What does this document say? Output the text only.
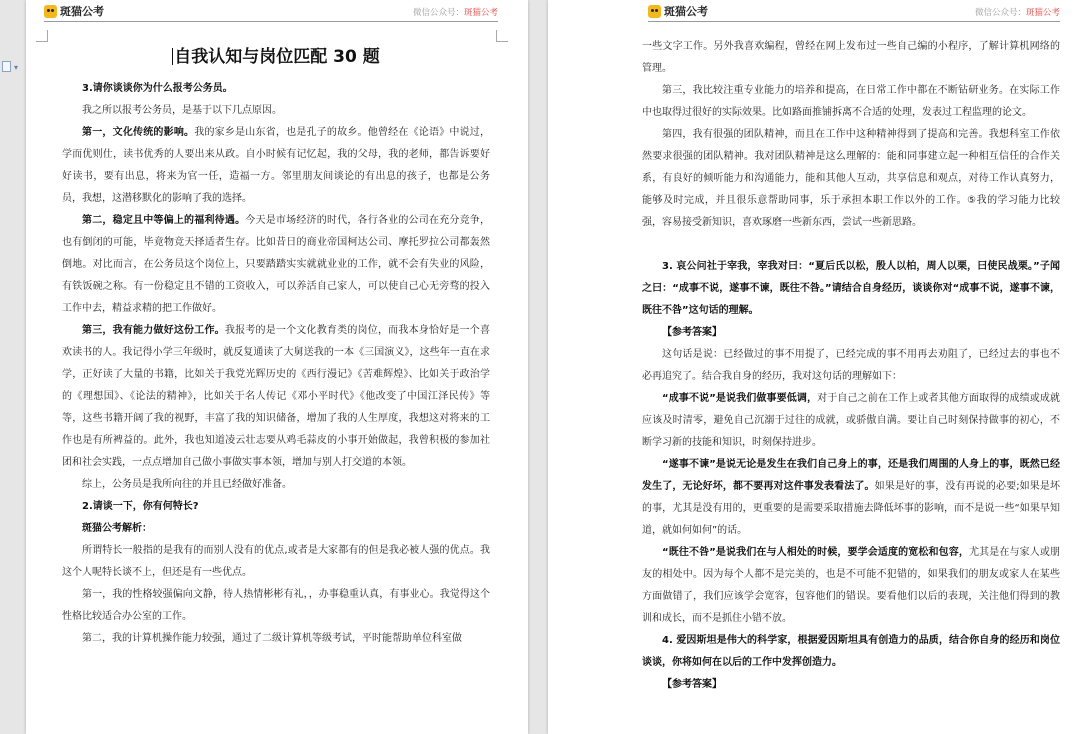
▾
斑猫公考	微信公众号：斑猫公考
自我认知与岗位匹配 30 题
3.请你谈谈你为什么报考公务员。
我之所以报考公务员，是基于以下几点原因。
第一，文化传统的影响。我的家乡是山东省，也是孔子的故乡。他曾经在《论语》中说过，学而优则仕，读书优秀的人要出来从政。自小时候有记忆起，我的父母，我的老师，都告诉要好好读书，要有出息，将来为官一任，造福一方。邻里朋友间谈论的有出息的孩子，也都是公务员，我想，这潜移默化的影响了我的选择。
第二，稳定且中等偏上的福利待遇。今天是市场经济的时代，各行各业的公司在充分竞争，也有倒闭的可能，毕竟物竞天择适者生存。比如昔日的商业帝国柯达公司、摩托罗拉公司都轰然倒地。对比而言，在公务员这个岗位上，只要踏踏实实就就业业的工作，就不会有失业的风险，有铁饭碗之称。有一份稳定且不错的工资收入，可以养活自己家人，可以使自己心无旁骛的投入工作中去，精益求精的把工作做好。
第三，我有能力做好这份工作。我报考的是一个文化教育类的岗位，而我本身恰好是一个喜欢读书的人。我记得小学三年级时，就反复通读了大舅送我的一本《三国演义》，这些年一直在求学，正好读了大量的书籍，比如关于我党光辉历史的《西行漫记》《苦难辉煌》、比如关于政治学的《理想国》、《论法的精神》，比如关于名人传记《邓小平时代》《他改变了中国江泽民传》等等，这些书籍开阔了我的视野，丰富了我的知识储备，增加了我的人生厚度，我想这对将来的工作也是有所裨益的。此外，我也知道凌云壮志要从鸡毛蒜皮的小事开始做起，我曾积极的参加社团和社会实践，一点点增加自己做小事做实事本领，增加与别人打交道的本领。
综上，公务员是我所向往的并且已经做好准备。
2.请谈一下，你有何特长?
斑猫公考解析：
所谓特长一般指的是我有的而别人没有的优点,或者是大家都有的但是我必被人强的优点。我这个人呢特长谈不上，但还是有一些优点。
第一，我的性格较强偏向文静，待人热情彬彬有礼，，办事稳重认真，有事业心。我觉得这个性格比较适合办公室的工作。
第二，我的计算机操作能力较强，通过了二级计算机等级考试，平时能帮助单位科室做
斑猫公考	微信公众号：斑猫公考
一些文字工作。另外我喜欢编程，曾经在网上发布过一些自己编的小程序，了解计算机网络的管理。
第三，我比较注重专业能力的培养和提高，在日常工作中都在不断钻研业务。在实际工作中也取得过很好的实际效果。比如路面推铺拆离不合适的处理，发表过工程监理的论文。
第四，我有很强的团队精神，而且在工作中这种精神得到了提高和完善。我想科室工作依然要求很强的团队精神。我对团队精神是这么理解的：能和同事建立起一种相互信任的合作关系，有良好的倾听能力和沟通能力，能和其他人互动，共享信息和观点，对待工作认真努力，能够及时完成，并且很乐意帮助同事，乐于承担本职工作以外的工作。⑤我的学习能力比较强，容易接受新知识，喜欢琢磨一些新东西，尝试一些新思路。
3. 哀公问社于宰我，宰我对曰：“夏后氏以松，殷人以柏，周人以栗，曰使民战栗。”子闻之曰：“成事不说，遂事不谏，既往不咎。”请结合自身经历，谈谈你对“成事不说，遂事不谏，既往不咎”这句话的理解。
【参考答案】
这句话是说：已经做过的事不用提了，已经完成的事不用再去劝阻了，已经过去的事也不必再追究了。结合我自身的经历，我对这句话的理解如下：
“成事不说”是说我们做事要低调，对于自己之前在工作上或者其他方面取得的成绩或成就应该及时清零，避免自己沉溺于过往的成就，或骄傲自满。要让自己时刻保持做事的初心，不断学习新的技能和知识，时刻保持进步。
“遂事不谏”是说无论是发生在我们自己身上的事，还是我们周围的人身上的事，既然已经发生了，无论好坏，都不要再对这件事发表看法了。如果是好的事，没有再说的必要;如果是坏的事，尤其是没有用的，更重要的是需要采取措施去降低坏事的影响，而不是说一些“如果早知道，就如何如何”的话。
“既往不咎”是说我们在与人相处的时候，要学会适度的宽松和包容，尤其是在与家人或朋友的相处中。因为每个人都不是完美的，也是不可能不犯错的，如果我们的朋友或家人在某些方面做错了，我们应该学会宽容，包容他们的错误。要看他们以后的表现，关注他们得到的教训和成长，而不是抓住小错不放。
4. 爱因斯坦是伟大的科学家，根据爱因斯坦具有创造力的品质，结合你自身的经历和岗位谈谈，你将如何在以后的工作中发挥创造力。
【参考答案】
